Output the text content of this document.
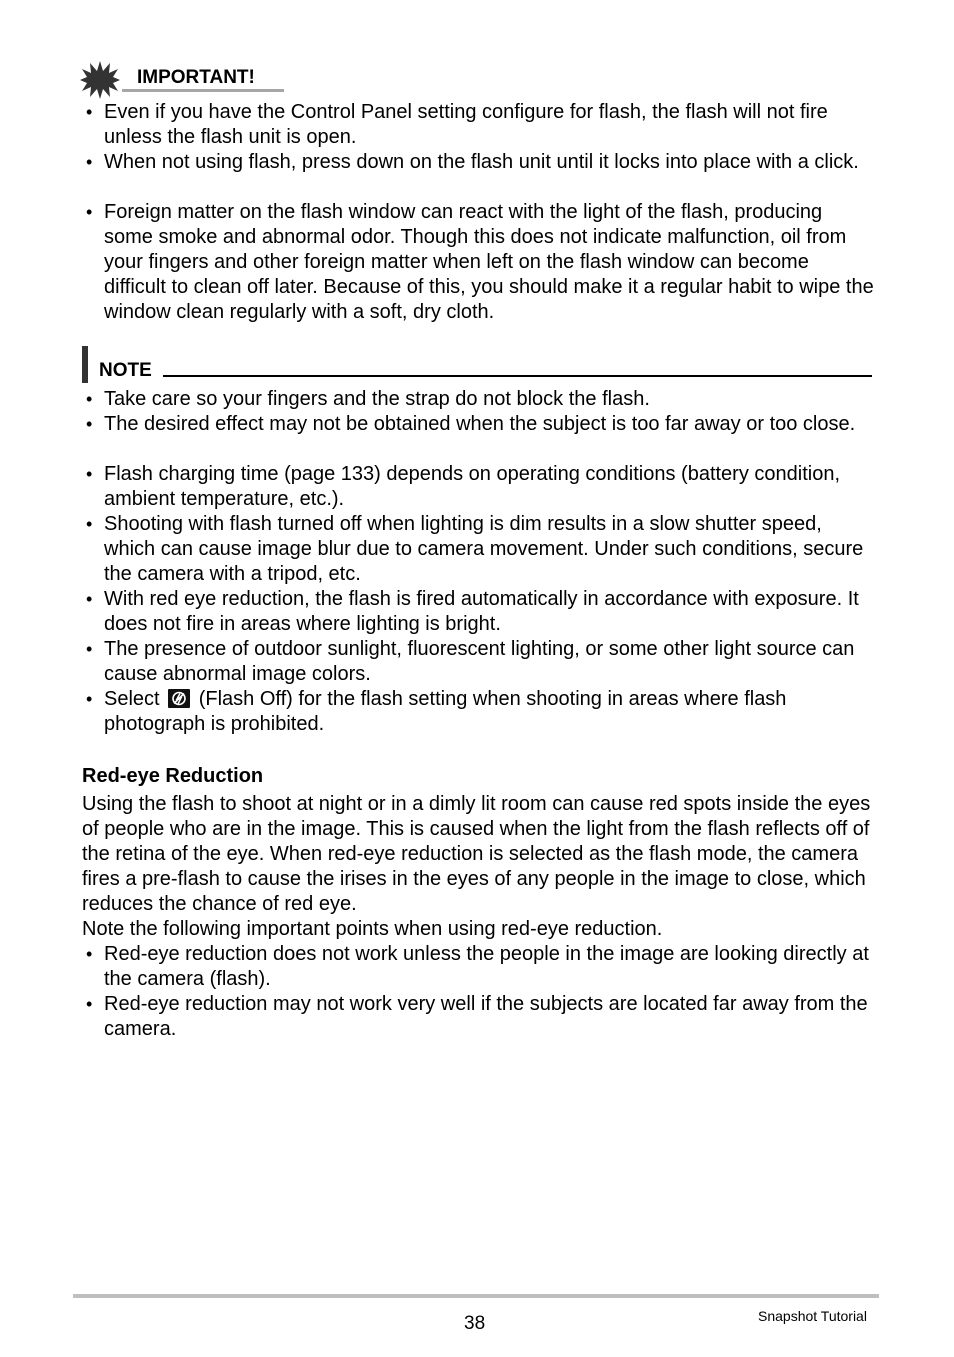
IMPORTANT!
• Even if you have the Control Panel setting configure for flash, the flash will not fire unless the flash unit is open.
• When not using flash, press down on the flash unit until it locks into place with a click.
• Foreign matter on the flash window can react with the light of the flash, producing some smoke and abnormal odor. Though this does not indicate malfunction, oil from your fingers and other foreign matter when left on the flash window can become difficult to clean off later. Because of this, you should make it a regular habit to wipe the window clean regularly with a soft, dry cloth.
NOTE
• Take care so your fingers and the strap do not block the flash.
• The desired effect may not be obtained when the subject is too far away or too close.
• Flash charging time (page 133) depends on operating conditions (battery condition, ambient temperature, etc.).
• Shooting with flash turned off when lighting is dim results in a slow shutter speed, which can cause image blur due to camera movement. Under such conditions, secure the camera with a tripod, etc.
• With red eye reduction, the flash is fired automatically in accordance with exposure. It does not fire in areas where lighting is bright.
• The presence of outdoor sunlight, fluorescent lighting, or some other light source can cause abnormal image colors.
• Select (Flash Off) for the flash setting when shooting in areas where flash photograph is prohibited.
Red-eye Reduction
Using the flash to shoot at night or in a dimly lit room can cause red spots inside the eyes of people who are in the image. This is caused when the light from the flash reflects off of the retina of the eye. When red-eye reduction is selected as the flash mode, the camera fires a pre-flash to cause the irises in the eyes of any people in the image to close, which reduces the chance of red eye.
Note the following important points when using red-eye reduction.
• Red-eye reduction does not work unless the people in the image are looking directly at the camera (flash).
• Red-eye reduction may not work very well if the subjects are located far away from the camera.
38	Snapshot Tutorial
